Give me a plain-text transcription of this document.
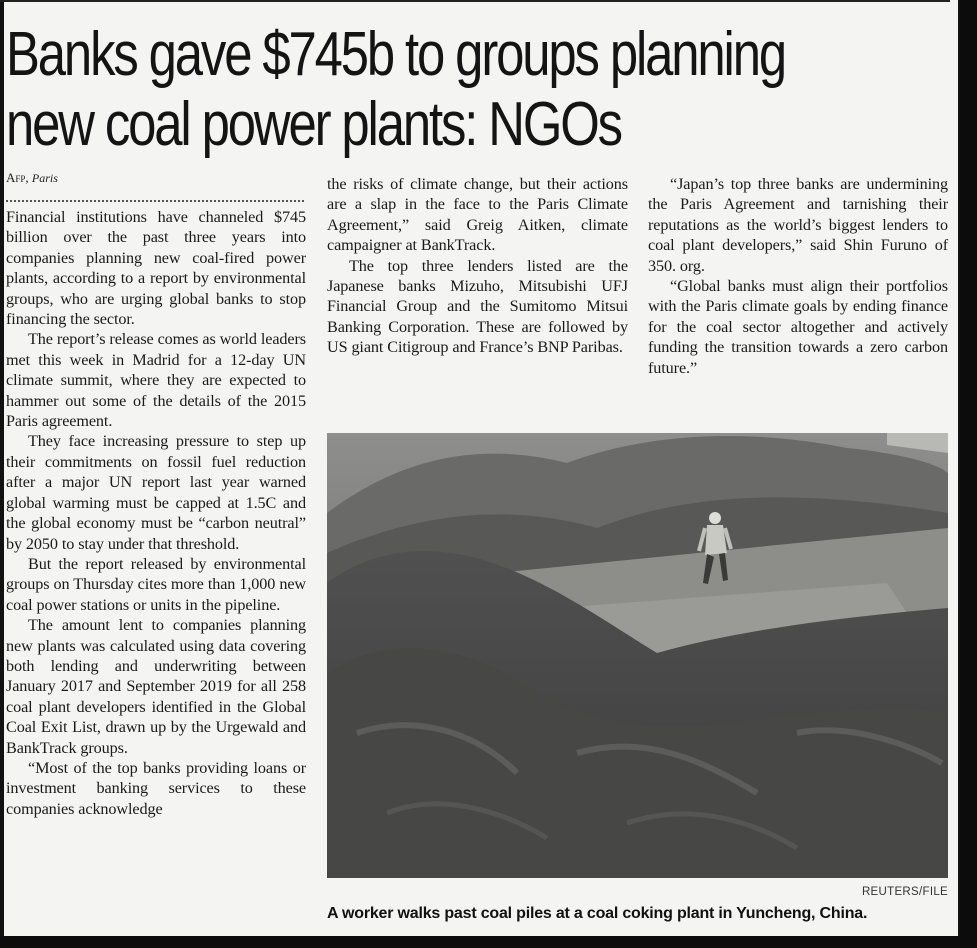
Banks gave $745b to groups planning
new coal power plants: NGOs
Afp, Paris

Financial institutions have channeled $745 billion over the past three years into companies planning new coal-fired power plants, according to a report by environmental groups, who are urging global banks to stop financing the sector.

The report’s release comes as world leaders met this week in Madrid for a 12-day UN climate summit, where they are expected to hammer out some of the details of the 2015 Paris agreement.

They face increasing pressure to step up their commitments on fossil fuel reduction after a major UN report last year warned global warming must be capped at 1.5C and the global economy must be “carbon neutral” by 2050 to stay under that threshold.

But the report released by environmental groups on Thursday cites more than 1,000 new coal power stations or units in the pipeline.

The amount lent to companies planning new plants was calculated using data covering both lending and underwriting between January 2017 and September 2019 for all 258 coal plant developers identified in the Global Coal Exit List, drawn up by the Urgewald and BankTrack groups.

“Most of the top banks providing loans or investment banking services to these companies acknowledge

the risks of climate change, but their actions are a slap in the face to the Paris Climate Agreement,” said Greig Aitken, climate campaigner at BankTrack.

The top three lenders listed are the Japanese banks Mizuho, Mitsubishi UFJ Financial Group and the Sumitomo Mitsui Banking Corporation. These are followed by US giant Citigroup and France’s BNP Paribas.

“Japan’s top three banks are undermining the Paris Agreement and tarnishing their reputations as the world’s biggest lenders to coal plant developers,” said Shin Furuno of 350. org.

“Global banks must align their portfolios with the Paris climate goals by ending finance for the coal sector altogether and actively funding the transition towards a zero carbon future.”

REUTERS/FILE
A worker walks past coal piles at a coal coking plant in Yuncheng, China.
